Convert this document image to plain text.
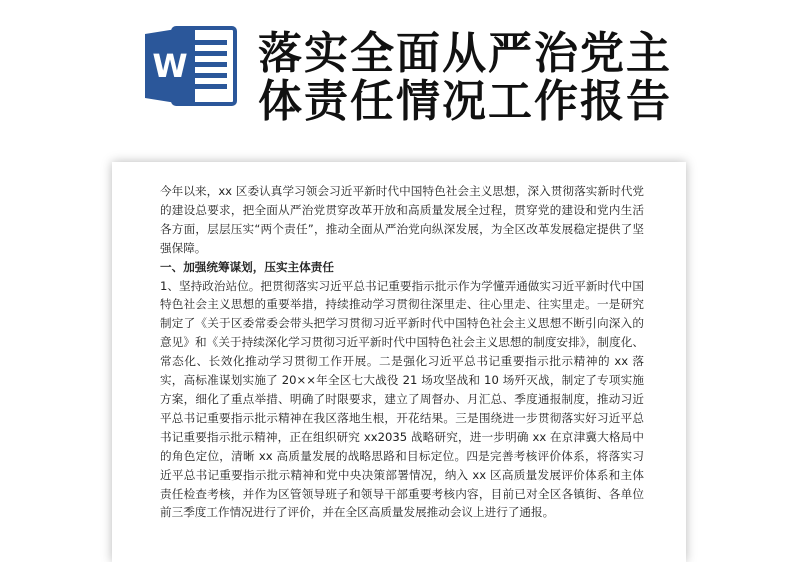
W 落实全面从严治党主
体责任情况工作报告

今年以来，xx 区委认真学习领会习近平新时代中国特色社会主义思想，深入贯彻落实新时代党的建设总要求，把全面从严治党贯穿改革开放和高质量发展全过程，贯穿党的建设和党内生活各方面，层层压实“两个责任”，推动全面从严治党向纵深发展，为全区改革发展稳定提供了坚强保障。

一、加强统筹谋划，压实主体责任

1、坚持政治站位。把贯彻落实习近平总书记重要指示批示作为学懂弄通做实习近平新时代中国特色社会主义思想的重要举措，持续推动学习贯彻往深里走、往心里走、往实里走。一是研究制定了《关于区委常委会带头把学习贯彻习近平新时代中国特色社会主义思想不断引向深入的意见》和《关于持续深化学习贯彻习近平新时代中国特色社会主义思想的制度安排》，制度化、常态化、长效化推动学习贯彻工作开展。二是强化习近平总书记重要指示批示精神的 xx 落实，高标准谋划实施了 20××年全区七大战役 21 场攻坚战和 10 场歼灭战，制定了专项实施方案，细化了重点举措、明确了时限要求，建立了周督办、月汇总、季度通报制度，推动习近平总书记重要指示批示精神在我区落地生根，开花结果。三是围绕进一步贯彻落实好习近平总书记重要指示批示精神，正在组织研究 xx2035 战略研究，进一步明确 xx 在京津冀大格局中的角色定位，清晰 xx 高质量发展的战略思路和目标定位。四是完善考核评价体系，将落实习近平总书记重要指示批示精神和党中央决策部署情况，纳入 xx 区高质量发展评价体系和主体责任检查考核，并作为区管领导班子和领导干部重要考核内容，目前已对全区各镇街、各单位前三季度工作情况进行了评价，并在全区高质量发展推动会议上进行了通报。
